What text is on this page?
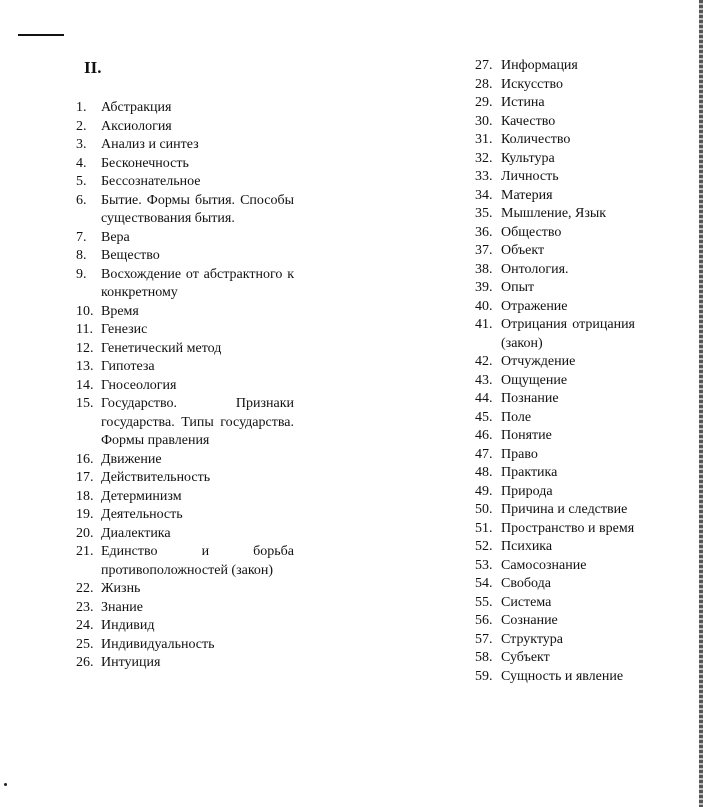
II.
1.	Абстракция
2.	Аксиология
3.	Анализ и синтез
4.	Бесконечность
5.	Бессознательное
6.	Бытие. Формы бытия. Способы существования бытия.
7.	Вера
8.	Вещество
9.	Восхождение от абстрактного к конкретному
10. Время
11. Генезис
12. Генетический метод
13. Гипотеза
14. Гносеология
15. Государство. Признаки государства. Типы государства. Формы правления
16. Движение
17. Действительность
18. Детерминизм
19. Деятельность
20. Диалектика
21. Единство и борьба противоположностей (закон)
22. Жизнь
23. Знание
24. Индивид
25. Индивидуальность
26. Интуиция
27. Информация
28. Искусство
29. Истина
30. Качество
31. Количество
32. Культура
33. Личность
34. Материя
35. Мышление, Язык
36. Общество
37. Объект
38. Онтология.
39. Опыт
40. Отражение
41. Отрицания отрицания (закон)
42. Отчуждение
43. Ощущение
44. Познание
45. Поле
46. Понятие
47. Право
48. Практика
49. Природа
50. Причина и следствие
51. Пространство и время
52. Психика
53. Самосознание
54. Свобода
55. Система
56. Сознание
57. Структура
58. Субъект
59. Сущность и явление
